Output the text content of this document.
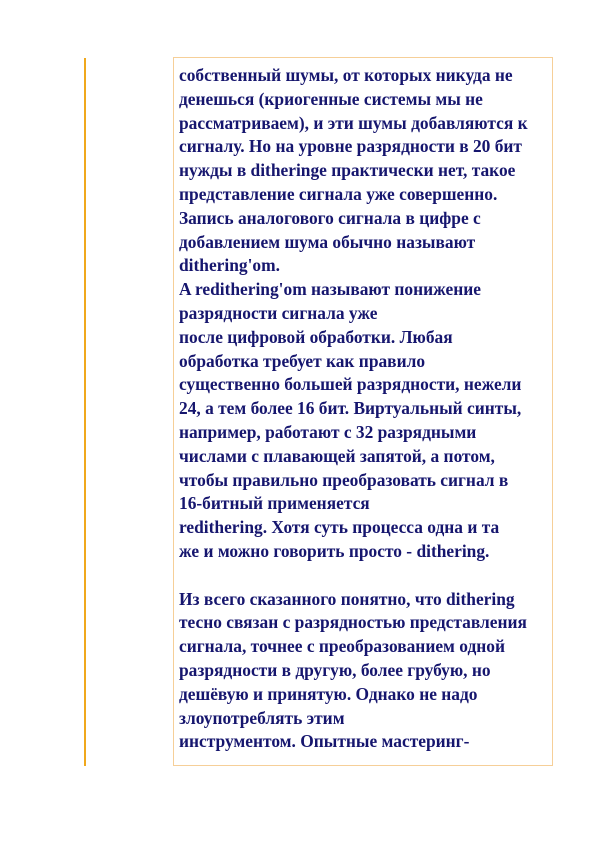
собственный шумы, от которых никуда не
денешься (криогенные системы мы не
рассматриваем), и эти шумы добавляются к
сигналу. Но на уровне разрядности в 20 бит
нужды в ditheringe практически нет, такое
представление сигнала уже совершенно.
Запись аналогового сигнала в цифре с
добавлением шума обычно называют
dithering'om.
A redithering'om называют понижение
разрядности сигнала уже
после цифровой обработки. Любая
обработка требует как правило
существенно большей разрядности, нежели
24, а тем более 16 бит. Виртуальный синты,
например, работают с 32 разрядными
числами с плавающей запятой, а потом,
чтобы правильно преобразовать сигнал в
16-битный применяется
redithering. Хотя суть процесса одна и та
же и можно говорить просто - dithering.
Из всего сказанного понятно, что dithering
тесно связан с разрядностью представления
сигнала, точнее с преобразованием одной
разрядности в другую, более грубую, но
дешёвую и принятую. Однако не надо
злоупотреблять этим
инструментом. Опытные мастеринг-
